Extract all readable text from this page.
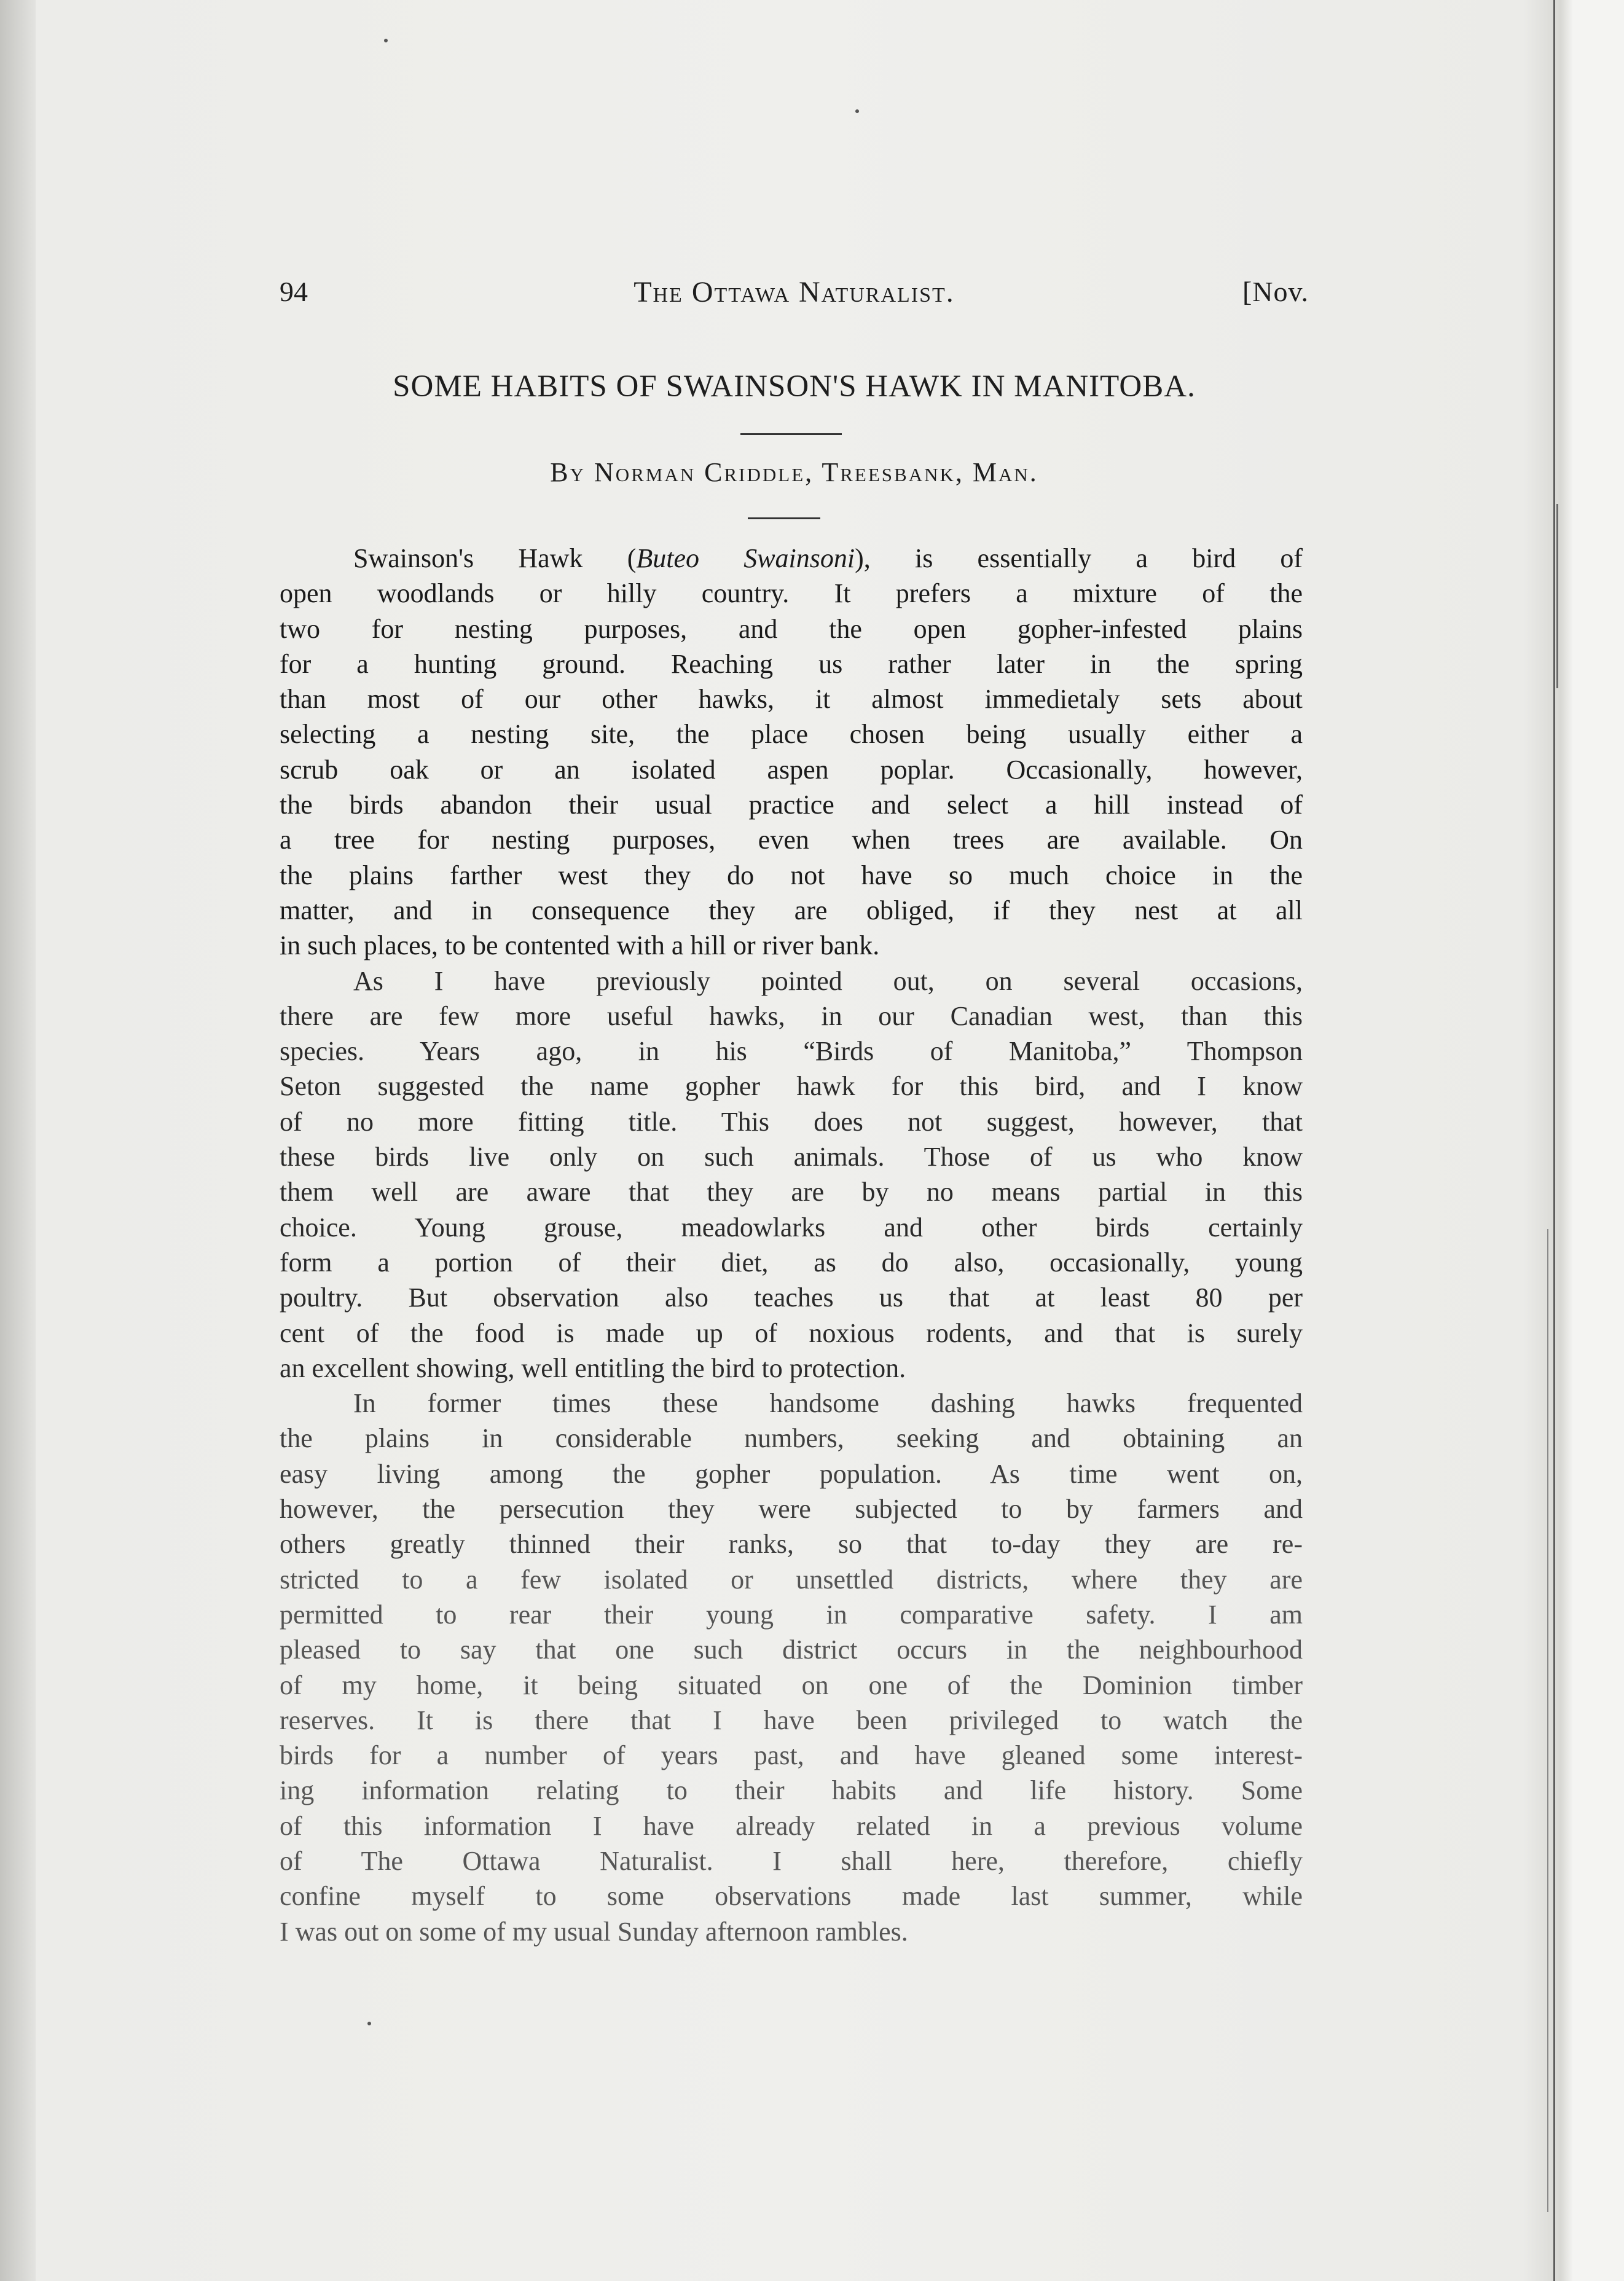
94	The Ottawa Naturalist.	[Nov.
SOME HABITS OF SWAINSON'S HAWK IN MANITOBA.
By Norman Criddle, Treesbank, Man.
Swainson's Hawk (Buteo Swainsoni), is essentially a bird of
open woodlands or hilly country. It prefers a mixture of the
two for nesting purposes, and the open gopher-infested plains
for a hunting ground. Reaching us rather later in the spring
than most of our other hawks, it almost immedietaly sets about
selecting a nesting site, the place chosen being usually either a
scrub oak or an isolated aspen poplar. Occasionally, however,
the birds abandon their usual practice and select a hill instead of
a tree for nesting purposes, even when trees are available. On
the plains farther west they do not have so much choice in the
matter, and in consequence they are obliged, if they nest at all
in such places, to be contented with a hill or river bank.
As I have previously pointed out, on several occasions,
there are few more useful hawks, in our Canadian west, than this
species. Years ago, in his “Birds of Manitoba,” Thompson
Seton suggested the name gopher hawk for this bird, and I know
of no more fitting title. This does not suggest, however, that
these birds live only on such animals. Those of us who know
them well are aware that they are by no means partial in this
choice. Young grouse, meadowlarks and other birds certainly
form a portion of their diet, as do also, occasionally, young
poultry. But observation also teaches us that at least 80 per
cent of the food is made up of noxious rodents, and that is surely
an excellent showing, well entitling the bird to protection.
In former times these handsome dashing hawks frequented
the plains in considerable numbers, seeking and obtaining an
easy living among the gopher population. As time went on,
however, the persecution they were subjected to by farmers and
others greatly thinned their ranks, so that to-day they are re-
stricted to a few isolated or unsettled districts, where they are
permitted to rear their young in comparative safety. I am
pleased to say that one such district occurs in the neighbourhood
of my home, it being situated on one of the Dominion timber
reserves. It is there that I have been privileged to watch the
birds for a number of years past, and have gleaned some interest-
ing information relating to their habits and life history. Some
of this information I have already related in a previous volume
of The Ottawa Naturalist. I shall here, therefore, chiefly
confine myself to some observations made last summer, while
I was out on some of my usual Sunday afternoon rambles.
